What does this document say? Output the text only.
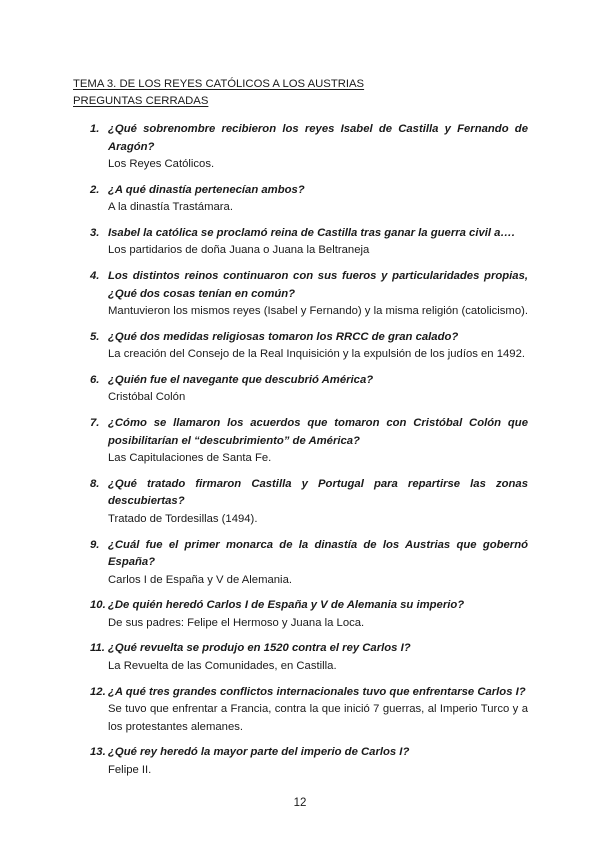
TEMA 3. DE LOS REYES CATÓLICOS A LOS AUSTRIAS
PREGUNTAS CERRADAS
1. ¿Qué sobrenombre recibieron los reyes Isabel de Castilla y Fernando de Aragón?
Los Reyes Católicos.
2. ¿A qué dinastía pertenecían ambos?
A la dinastía Trastámara.
3. Isabel la católica se proclamó reina de Castilla tras ganar la guerra civil a….
Los partidarios de doña Juana o Juana la Beltraneja
4. Los distintos reinos continuaron con sus fueros y particularidades propias, ¿Qué dos cosas tenían en común?
Mantuvieron los mismos reyes (Isabel y Fernando) y la misma religión (catolicismo).
5. ¿Qué dos medidas religiosas tomaron los RRCC de gran calado?
La creación del Consejo de la Real Inquisición y la expulsión de los judíos en 1492.
6. ¿Quién fue el navegante que descubrió América?
Cristóbal Colón
7. ¿Cómo se llamaron los acuerdos que tomaron con Cristóbal Colón que posibilitarían el “descubrimiento” de América?
Las Capitulaciones de Santa Fe.
8. ¿Qué tratado firmaron Castilla y Portugal para repartirse las zonas descubiertas?
Tratado de Tordesillas (1494).
9. ¿Cuál fue el primer monarca de la dinastía de los Austrias que gobernó España?
Carlos I de España y V de Alemania.
10. ¿De quién heredó Carlos I de España y V de Alemania su imperio?
De sus padres: Felipe el Hermoso y Juana la Loca.
11. ¿Qué revuelta se produjo en 1520 contra el rey Carlos I?
La Revuelta de las Comunidades, en Castilla.
12. ¿A qué tres grandes conflictos internacionales tuvo que enfrentarse Carlos I?
Se tuvo que enfrentar a Francia, contra la que inició 7 guerras, al Imperio Turco y a los protestantes alemanes.
13. ¿Qué rey heredó la mayor parte del imperio de Carlos I?
Felipe II.
12
